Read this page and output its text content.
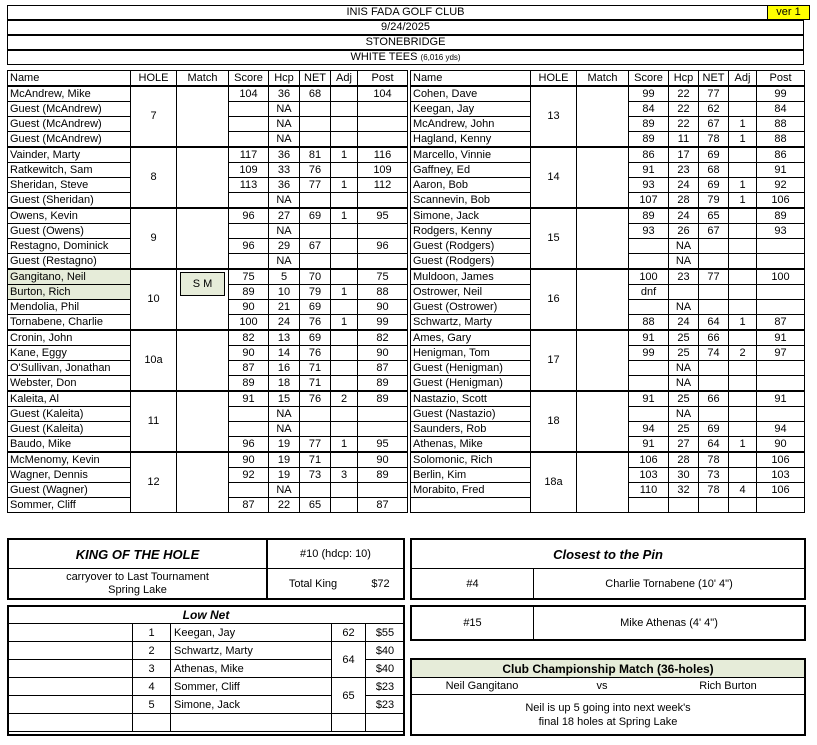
INIS FADA GOLF CLUB	ver 1
9/24/2025
STONEBRIDGE
WHITE TEES (6,016 yds)
Name	HOLE	Match	Score	Hcp	NET	Adj	Post
McAndrew, Mike	7		104	36	68		104
Guest (McAndrew)				NA			
Guest (McAndrew)				NA			
Guest (McAndrew)				NA			
Vainder, Marty	8		117	36	81	1	116
Ratkewitch, Sam			109	33	76		109
Sheridan, Steve			113	36	77	1	112
Guest (Sheridan)				NA			
Owens, Kevin	9		96	27	69	1	95
Guest (Owens)				NA			
Restagno, Dominick			96	29	67		96
Guest (Restagno)				NA			
Gangitano, Neil	10	S M	75	5	70		75
Burton, Rich			89	10	79	1	88
Mendolia, Phil			90	21	69		90
Tornabene, Charlie			100	24	76	1	99
Cronin, John	10a		82	13	69		82
Kane, Eggy			90	14	76		90
O'Sullivan, Jonathan			87	16	71		87
Webster, Don			89	18	71		89
Kaleita, Al	11		91	15	76	2	89
Guest (Kaleita)				NA			
Guest (Kaleita)				NA			
Baudo, Mike			96	19	77	1	95
McMenomy, Kevin	12		90	19	71		90
Wagner, Dennis			92	19	73	3	89
Guest (Wagner)				NA			
Sommer, Cliff			87	22	65		87
Name	HOLE	Match	Score	Hcp	NET	Adj	Post
Cohen, Dave	13		99	22	77		99
Keegan, Jay			84	22	62		84
McAndrew, John			89	22	67	1	88
Hagland, Kenny			89	11	78	1	88
Marcello, Vinnie	14		86	17	69		86
Gaffney, Ed			91	23	68		91
Aaron, Bob			93	24	69	1	92
Scannevin, Bob			107	28	79	1	106
Simone, Jack	15		89	24	65		89
Rodgers, Kenny			93	26	67		93
Guest (Rodgers)				NA			
Guest (Rodgers)				NA			
Muldoon, James	16		100	23	77		100
Ostrower, Neil			dnf				
Guest (Ostrower)				NA			
Schwartz, Marty			88	24	64	1	87
Ames, Gary	17		91	25	66		91
Henigman, Tom			99	25	74	2	97
Guest (Henigman)				NA			
Guest (Henigman)				NA			
Nastazio, Scott	18		91	25	66		91
Guest (Nastazio)				NA			
Saunders, Rob			94	25	69		94
Athenas, Mike			91	27	64	1	90
Solomonic, Rich	18a		106	28	78		106
Berlin, Kim			103	30	73		103
Morabito, Fred			110	32	78	4	106

KING OF THE HOLE	#10 (hdcp: 10)
carryover to Last Tournament
Spring Lake	Total King	$72
Closest to the Pin
#4	Charlie Tornabene (10' 4")
#15	Mike Athenas (4' 4")
Low Net
	1	Keegan, Jay	62	$55
	2	Schwartz, Marty	64	$40
	3	Athenas, Mike		$40
	4	Sommer, Cliff	65	$23
	5	Simone, Jack		$23

Club Championship Match (36-holes)
Neil Gangitano	vs	Rich Burton
Neil is up 5 going into next week's
final 18 holes at Spring Lake
